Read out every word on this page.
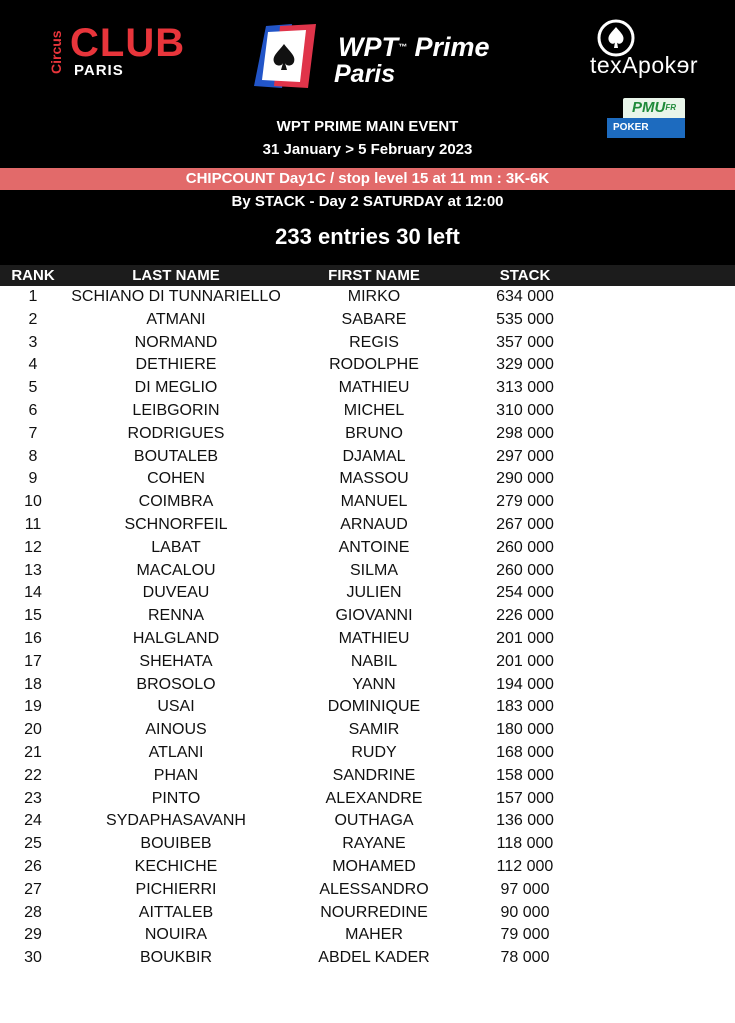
Circus CLUB
PARIS
WPT™ Prime
Paris	texApokɘr
$PMU^{FR}$
POKER
WPT PRIME MAIN EVENT
31 January > 5 February 2023
CHIPCOUNT Day1C / stop level 15 at 11 mn : 3K-6K
By STACK - Day 2 SATURDAY at 12:00
233 entries 30 left
RANK	LAST NAME	FIRST NAME	STACK
1	SCHIANO DI TUNNARIELLO	MIRKO	634 000
2	ATMANI	SABARE	535 000
3	NORMAND	REGIS	357 000
4	DETHIERE	RODOLPHE	329 000
5	DI MEGLIO	MATHIEU	313 000
6	LEIBGORIN	MICHEL	310 000
7	RODRIGUES	BRUNO	298 000
8	BOUTALEB	DJAMAL	297 000
9	COHEN	MASSOU	290 000
10	COIMBRA	MANUEL	279 000
11	SCHNORFEIL	ARNAUD	267 000
12	LABAT	ANTOINE	260 000
13	MACALOU	SILMA	260 000
14	DUVEAU	JULIEN	254 000
15	RENNA	GIOVANNI	226 000
16	HALGLAND	MATHIEU	201 000
17	SHEHATA	NABIL	201 000
18	BROSOLO	YANN	194 000
19	USAI	DOMINIQUE	183 000
20	AINOUS	SAMIR	180 000
21	ATLANI	RUDY	168 000
22	PHAN	SANDRINE	158 000
23	PINTO	ALEXANDRE	157 000
24	SYDAPHASAVANH	OUTHAGA	136 000
25	BOUIBEB	RAYANE	118 000
26	KECHICHE	MOHAMED	112 000
27	PICHIERRI	ALESSANDRO	97 000
28	AITTALEB	NOURREDINE	90 000
29	NOUIRA	MAHER	79 000
30	BOUKBIR	ABDEL KADER	78 000
